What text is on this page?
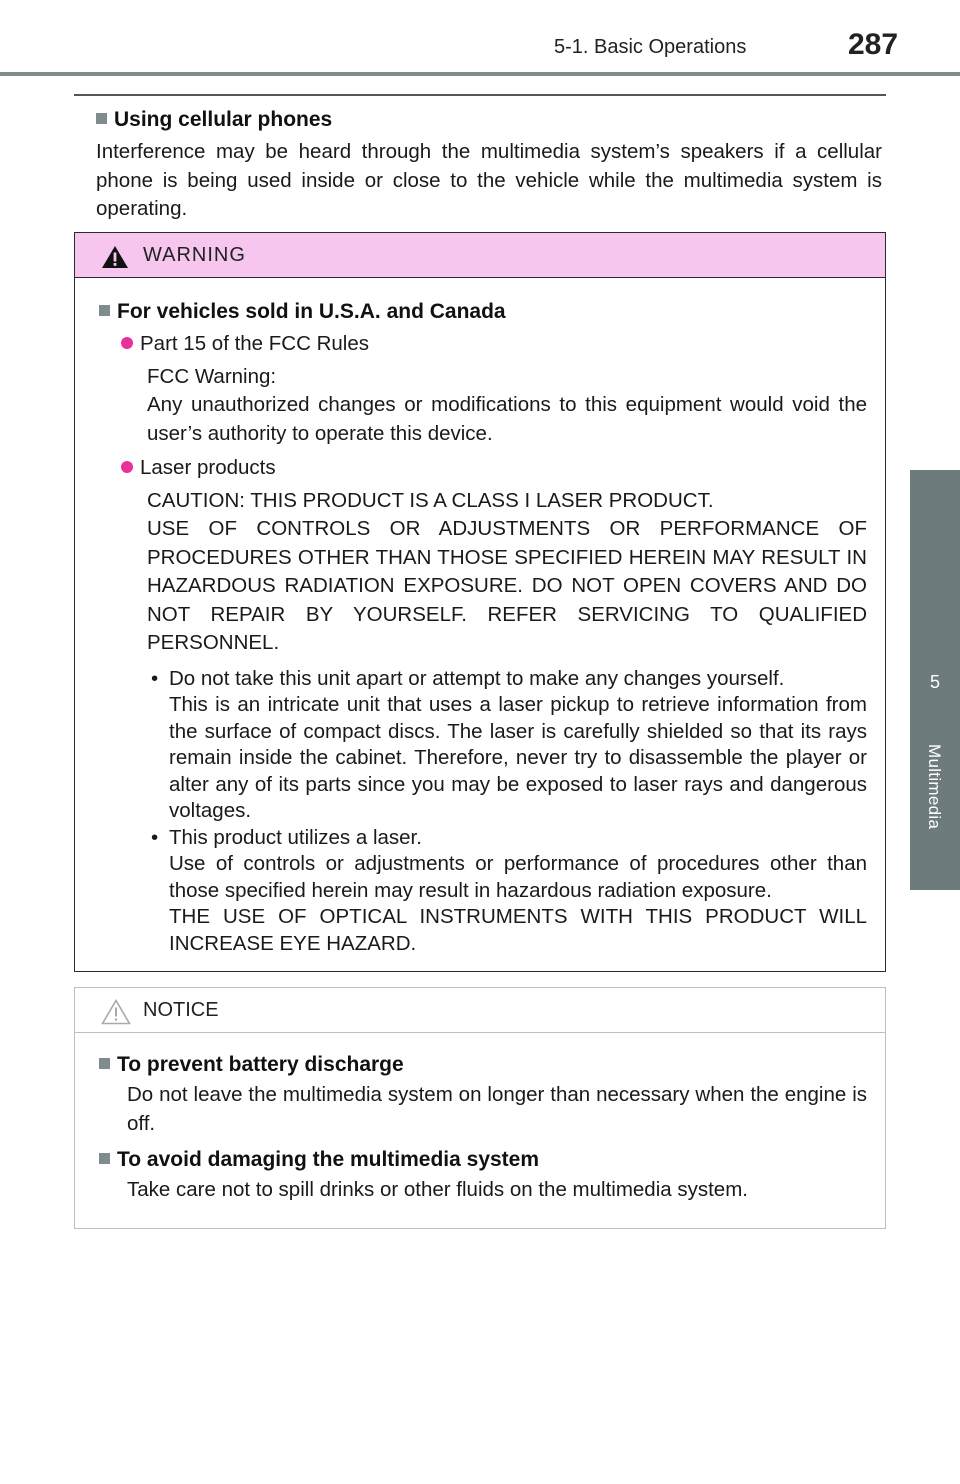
5-1. Basic Operations	287
5
Multimedia
Using cellular phones

Interference may be heard through the multimedia system’s speakers if a cellular phone is being used inside or close to the vehicle while the multimedia system is operating.

WARNING
For vehicles sold in U.S.A. and Canada
Part 15 of the FCC Rules
FCC Warning:
Any unauthorized changes or modifications to this equipment would void the user’s authority to operate this device.
Laser products
CAUTION: THIS PRODUCT IS A CLASS I LASER PRODUCT.
USE OF CONTROLS OR ADJUSTMENTS OR PERFORMANCE OF PROCEDURES OTHER THAN THOSE SPECIFIED HEREIN MAY RESULT IN HAZARDOUS RADIATION EXPOSURE. DO NOT OPEN COVERS AND DO NOT REPAIR BY YOURSELF. REFER SERVICING TO QUALIFIED PERSONNEL.
• Do not take this unit apart or attempt to make any changes yourself.

This is an intricate unit that uses a laser pickup to retrieve information from the surface of compact discs. The laser is carefully shielded so that its rays remain inside the cabinet. Therefore, never try to disassemble the player or alter any of its parts since you may be exposed to laser rays and dangerous voltages.

• This product utilizes a laser.

Use of controls or adjustments or performance of procedures other than those specified herein may result in hazardous radiation exposure.

THE USE OF OPTICAL INSTRUMENTS WITH THIS PRODUCT WILL INCREASE EYE HAZARD.

NOTICE
To prevent battery discharge

Do not leave the multimedia system on longer than necessary when the engine is off.

To avoid damaging the multimedia system

Take care not to spill drinks or other fluids on the multimedia system.
